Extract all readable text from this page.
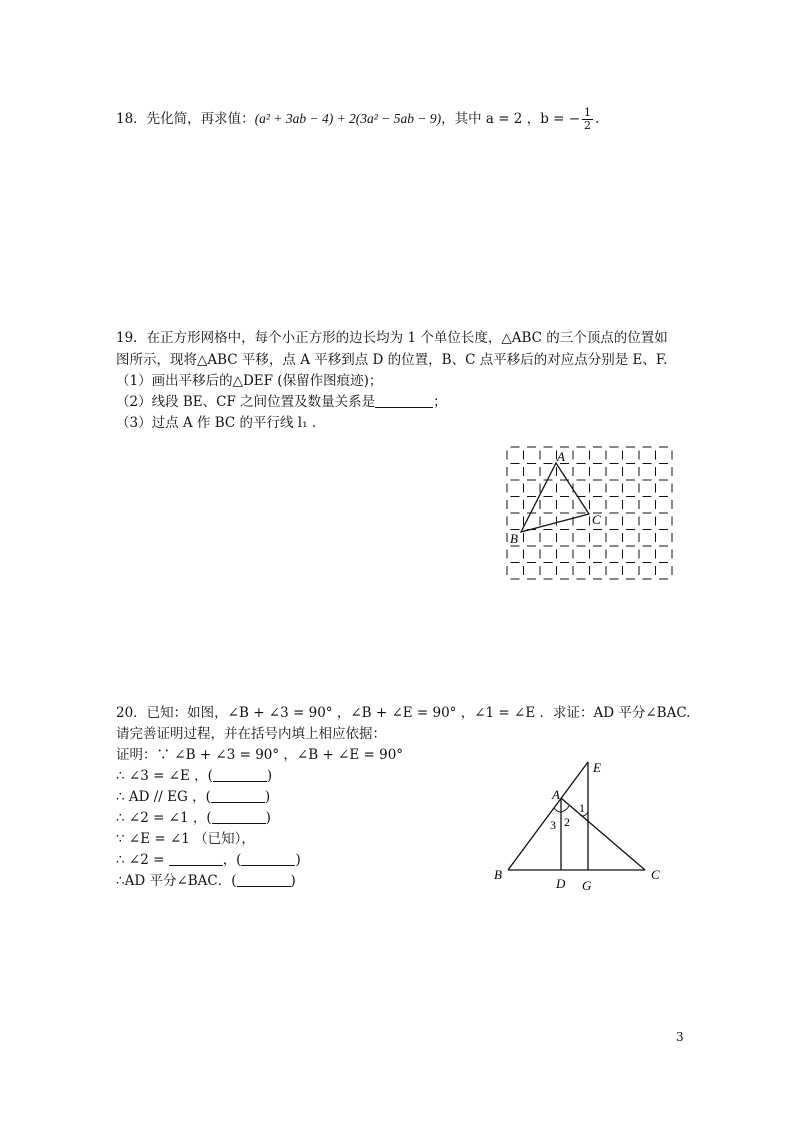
18．先化简，再求值：(a² + 3ab − 4) + 2(3a² − 5ab − 9)，其中 a = 2 ，b = − $\frac{1}{2}$ .
19．在正方形网格中，每个小正方形的边长均为 1 个单位长度，△ABC 的三个顶点的位置如
图所示，现将△ABC 平移，点 A 平移到点 D 的位置，B、C 点平移后的对应点分别是 E、F.
（1）画出平移后的△DEF (保留作图痕迹)；
（2）线段 BE、CF 之间位置及数量关系是	；
（3）过点 A 作 BC 的平行线 l₁ .
A
B
C
E
A
1
3 2
B
D G
C
20．已知：如图，∠B + ∠3 = 90° ，∠B + ∠E = 90° ，∠1 = ∠E ．求证：AD 平分∠BAC.
请完善证明过程，并在括号内填上相应依据：
证明：∵ ∠B + ∠3 = 90° ，∠B + ∠E = 90°
∴ ∠3 = ∠E ，(	)
∴ AD // EG ，(	)
∴ ∠2 = ∠1 ，(	)
∵ ∠E = ∠1 （已知），
∴ ∠2 =	，(	)
∴AD 平分∠BAC．(	)
3
